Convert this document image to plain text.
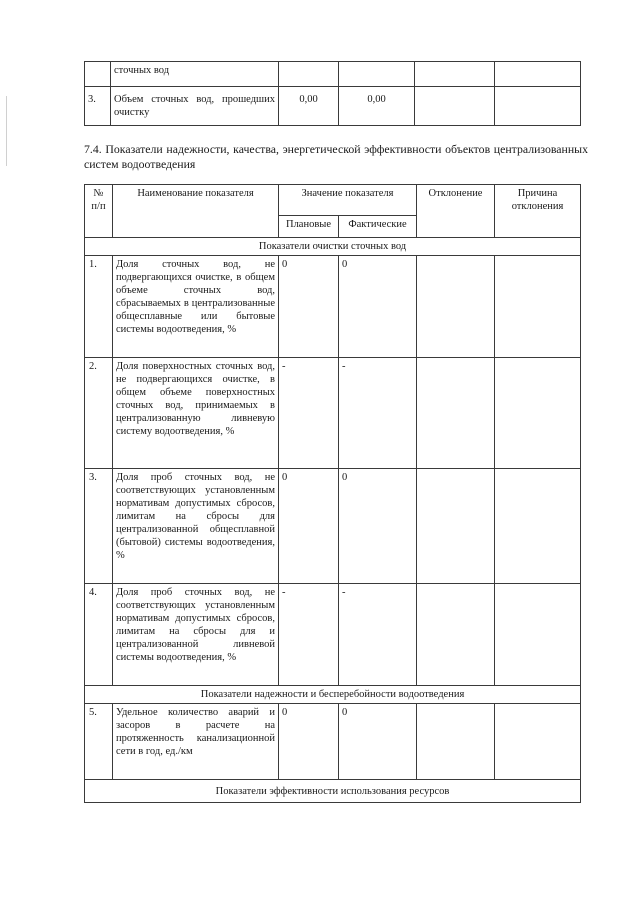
	сточных вод				
3.	Объем сточных вод, прошедших очистку	0,00	0,00		
7.4. Показатели надежности, качества, энергетической эффективности объектов централизованных систем водоотведения
№ п/п	Наименование показателя	Значение показателя		Отклонение	Причина отклонения
		Плановые	Фактические		
Показатели очистки сточных вод					
1.	Доля сточных вод, не подвергающихся очистке, в общем объеме сточных вод, сбрасываемых в централизованные общесплавные или бытовые системы водоотведения, %	0	0		
2.	Доля поверхностных сточных вод, не подвергающихся очистке, в общем объеме поверхностных сточных вод, принимаемых в централизованную ливневую систему водоотведения, %	-	-		
3.	Доля проб сточных вод, не соответствующих установленным нормативам допустимых сбросов, лимитам на сбросы для централизованной общесплавной (бытовой) системы водоотведения, %	0	0		
4.	Доля проб сточных вод, не соответствующих установленным нормативам допустимых сбросов, лимитам на сбросы для и централизованной ливневой системы водоотведения, %	-	-		
Показатели надежности и бесперебойности водоотведения					
5.	Удельное количество аварий и засоров в расчете на протяженность канализационной сети в год, ед./км	0	0		
Показатели эффективности использования ресурсов					
